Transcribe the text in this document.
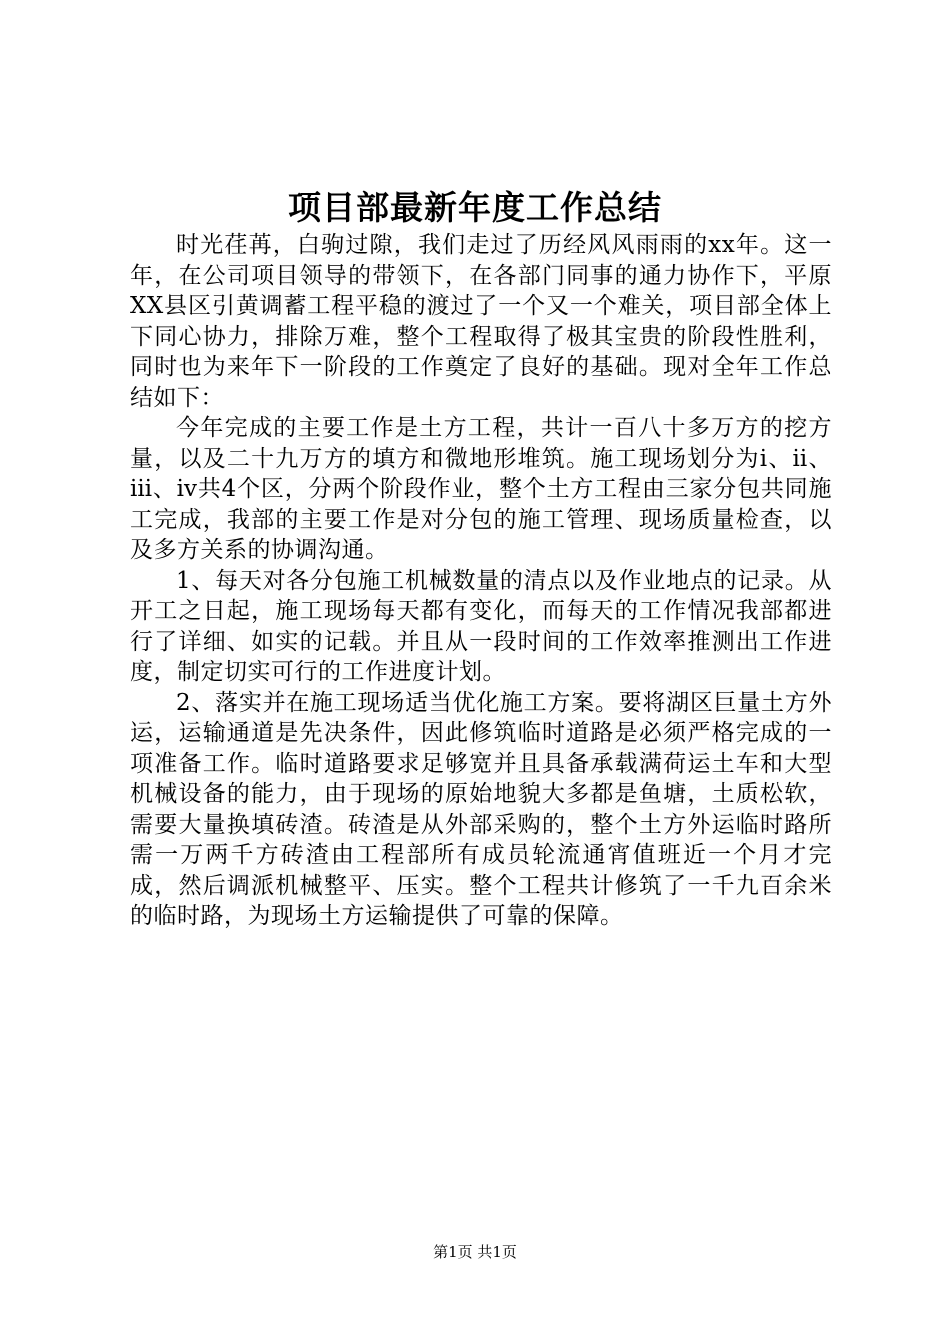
项目部最新年度工作总结

时光荏苒，白驹过隙，我们走过了历经风风雨雨的xx年。这一年，在公司项目领导的带领下，在各部门同事的通力协作下，平原XX县区引黄调蓄工程平稳的渡过了一个又一个难关，项目部全体上下同心协力，排除万难，整个工程取得了极其宝贵的阶段性胜利，同时也为来年下一阶段的工作奠定了良好的基础。现对全年工作总结如下：

今年完成的主要工作是土方工程，共计一百八十多万方的挖方量，以及二十九万方的填方和微地形堆筑。施工现场划分为ⅰ、ⅱ、ⅲ、ⅳ共4个区，分两个阶段作业，整个土方工程由三家分包共同施工完成，我部的主要工作是对分包的施工管理、现场质量检查，以及多方关系的协调沟通。

1、每天对各分包施工机械数量的清点以及作业地点的记录。从开工之日起，施工现场每天都有变化，而每天的工作情况我部都进行了详细、如实的记载。并且从一段时间的工作效率推测出工作进度，制定切实可行的工作进度计划。

2、落实并在施工现场适当优化施工方案。要将湖区巨量土方外运，运输通道是先决条件，因此修筑临时道路是必须严格完成的一项准备工作。临时道路要求足够宽并且具备承载满荷运土车和大型机械设备的能力，由于现场的原始地貌大多都是鱼塘，土质松软，需要大量换填砖渣。砖渣是从外部采购的，整个土方外运临时路所需一万两千方砖渣由工程部所有成员轮流通宵值班近一个月才完成，然后调派机械整平、压实。整个工程共计修筑了一千九百余米的临时路，为现场土方运输提供了可靠的保障。

第1页 共1页
